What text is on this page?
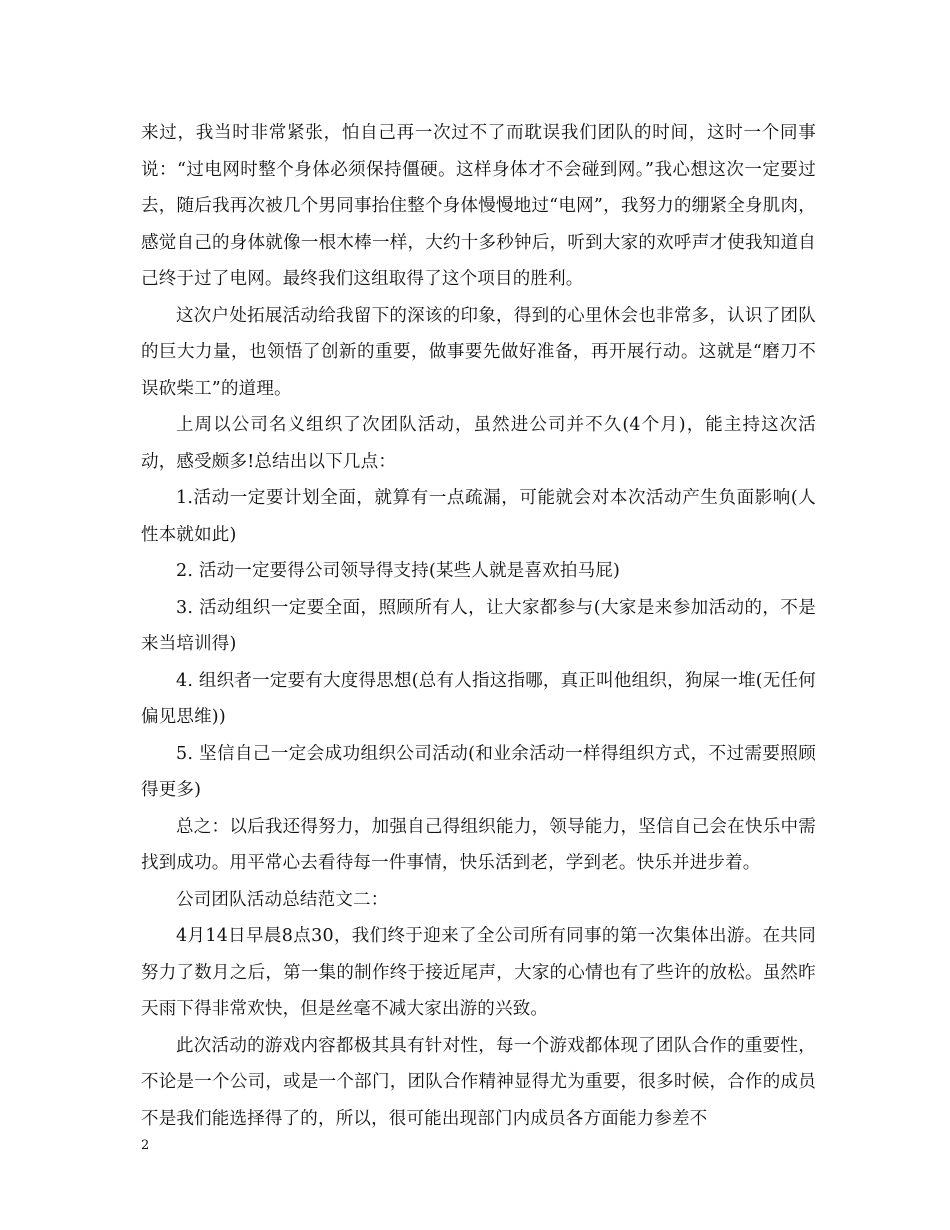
来过，我当时非常紧张，怕自己再一次过不了而耽误我们团队的时间，这时一个同事说：“过电网时整个身体必须保持僵硬。这样身体才不会碰到网。”我心想这次一定要过去，随后我再次被几个男同事抬住整个身体慢慢地过“电网”，我努力的绷紧全身肌肉，感觉自己的身体就像一根木棒一样，大约十多秒钟后，听到大家的欢呼声才使我知道自己终于过了电网。最终我们这组取得了这个项目的胜利。

这次户处拓展活动给我留下的深该的印象，得到的心里休会也非常多，认识了团队的巨大力量，也领悟了创新的重要，做事要先做好准备，再开展行动。这就是“磨刀不误砍柴工”的道理。

上周以公司名义组织了次团队活动，虽然进公司并不久(4个月)，能主持这次活动，感受颇多!总结出以下几点：

1.活动一定要计划全面，就算有一点疏漏，可能就会对本次活动产生负面影响(人性本就如此)

2. 活动一定要得公司领导得支持(某些人就是喜欢拍马屁)

3. 活动组织一定要全面，照顾所有人，让大家都参与(大家是来参加活动的，不是来当培训得)

4. 组织者一定要有大度得思想(总有人指这指哪，真正叫他组织，狗屎一堆(无任何偏见思维))

5. 坚信自己一定会成功组织公司活动(和业余活动一样得组织方式，不过需要照顾得更多)

总之：以后我还得努力，加强自己得组织能力，领导能力，坚信自己会在快乐中需找到成功。用平常心去看待每一件事情，快乐活到老，学到老。快乐并进步着。

公司团队活动总结范文二：

4月14日早晨8点30，我们终于迎来了全公司所有同事的第一次集体出游。在共同努力了数月之后，第一集的制作终于接近尾声，大家的心情也有了些许的放松。虽然昨天雨下得非常欢快，但是丝毫不减大家出游的兴致。

此次活动的游戏内容都极其具有针对性，每一个游戏都体现了团队合作的重要性，不论是一个公司，或是一个部门，团队合作精神显得尤为重要，很多时候，合作的成员不是我们能选择得了的，所以，很可能出现部门内成员各方面能力参差不

2
